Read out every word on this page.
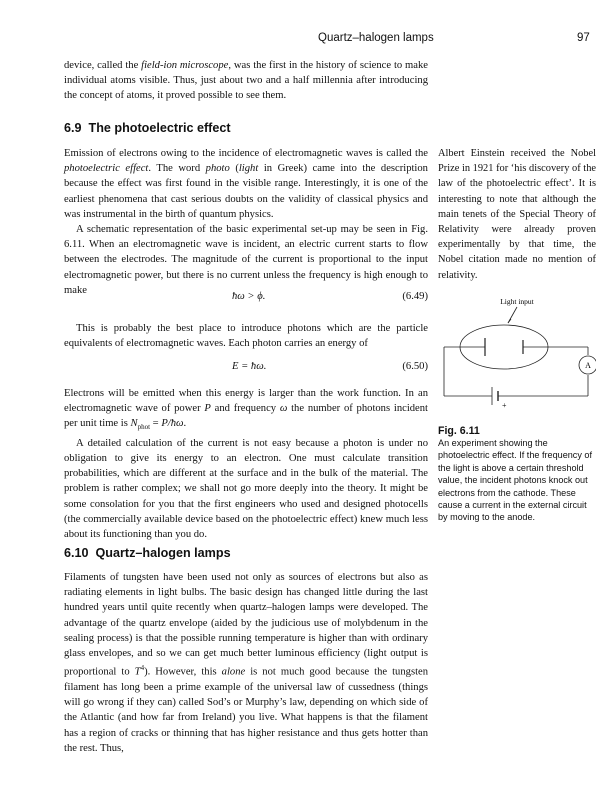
Quartz–halogen lamps	97

device, called the field-ion microscope, was the first in the history of science to make individual atoms visible. Thus, just about two and a half millennia after introducing the concept of atoms, it proved possible to see them.

6.9 The photoelectric effect

Emission of electrons owing to the incidence of electromagnetic waves is called the photoelectric effect. The word photo (light in Greek) came into the description because the effect was first found in the visible range. Interestingly, it is one of the earliest phenomena that cast serious doubts on the validity of classical physics and was instrumental in the birth of quantum physics.

A schematic representation of the basic experimental set-up may be seen in Fig. 6.11. When an electromagnetic wave is incident, an electric current starts to flow between the electrodes. The magnitude of the current is proportional to the input electromagnetic power, but there is no current unless the frequency is high enough to make

ħω > ϕ.	(6.49)

This is probably the best place to introduce photons which are the particle equivalents of electromagnetic waves. Each photon carries an energy of

E = ħω.	(6.50)

Electrons will be emitted when this energy is larger than the work function. In an electromagnetic wave of power P and frequency ω the number of photons incident per unit time is $N_{phot}$ = P/ħω.

A detailed calculation of the current is not easy because a photon is under no obligation to give its energy to an electron. One must calculate transition probabilities, which are different at the surface and in the bulk of the material. The problem is rather complex; we shall not go more deeply into the theory. It might be some consolation for you that the first engineers who used and designed photocells (the commercially available device based on the photoelectric effect) knew much less about its functioning than you do.

Albert Einstein received the Nobel Prize in 1921 for ‘his discovery of the law of the photoelectric effect’. It is interesting to note that although the main tenets of the Special Theory of Relativity were already proven experimentally by that time, the Nobel citation made no mention of relativity.
Light input
A
+
Fig. 6.11
An experiment showing the photoelectric effect. If the frequency of the light is above a certain threshold value, the incident photons knock out electrons from the cathode. These cause a current in the external circuit by moving to the anode.
6.10 Quartz–halogen lamps

Filaments of tungsten have been used not only as sources of electrons but also as radiating elements in light bulbs. The basic design has changed little during the last hundred years until quite recently when quartz–halogen lamps were developed. The advantage of the quartz envelope (aided by the judicious use of molybdenum in the sealing process) is that the possible running temperature is higher than with ordinary glass envelopes, and so we can get much better luminous efficiency (light output is proportional to $T^4$). However, this alone is not much good because the tungsten filament has long been a prime example of the universal law of cussedness (things will go wrong if they can) called Sod’s or Murphy’s law, depending on which side of the Atlantic (and how far from Ireland) you live. What happens is that the filament has a region of cracks or thinning that has higher resistance and thus gets hotter than the rest. Thus,
